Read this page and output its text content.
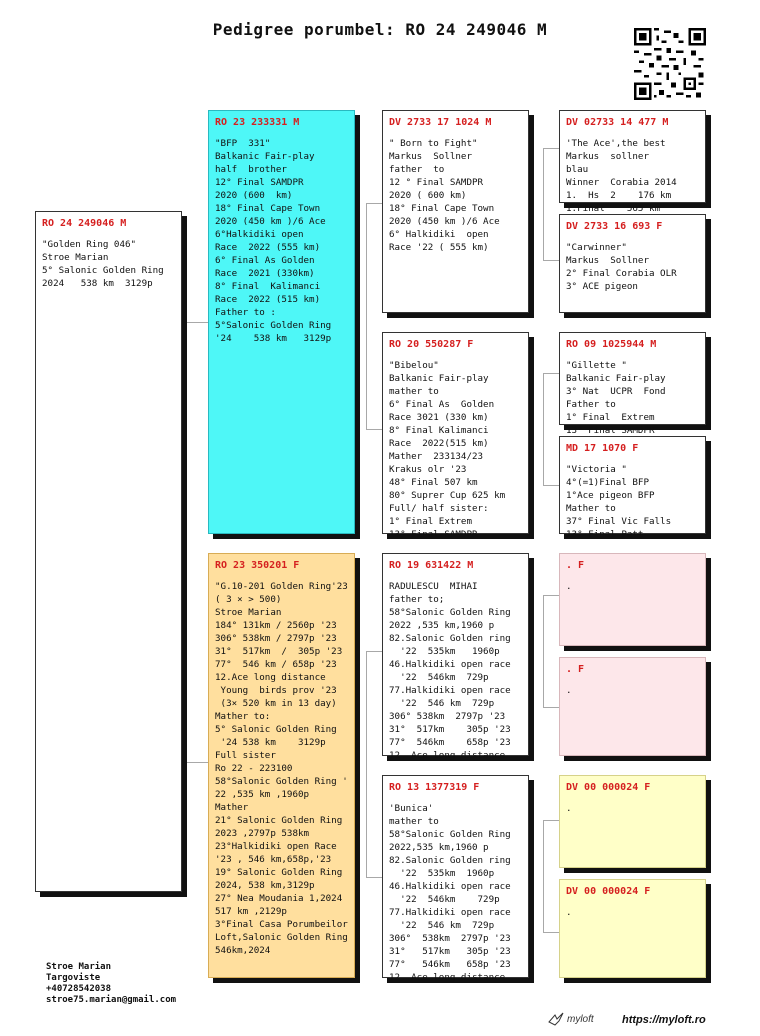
Pedigree porumbel: RO 24 249046 M
RO 24 249046 M
"Golden Ring 046"
Stroe Marian
5° Salonic Golden Ring
2024   538 km  3129p
RO 23 233331 M
"BFP  331"
Balkanic Fair-play
half  brother
12° Final SAMDPR
2020 (600  km)
18° Final Cape Town
2020 (450 km )/6 Ace
6°Halkidiki open
Race  2022 (555 km)
6° Final As Golden
Race  2021 (330km)
8° Final  Kalimanci
Race  2022 (515 km)
Father to :
5°Salonic Golden Ring
'24    538 km   3129p
RO 23 350201 F
"G.10-201 Golden Ring'23
( 3 × > 500)
Stroe Marian
184° 131km / 2560p '23
306° 538km / 2797p '23
31°  517km  /  305p '23
77°  546 km / 658p '23
12.Ace long distance
Young  birds prov '23
(3× 520 km in 13 day)
Mather to:
5° Salonic Golden Ring
'24 538 km    3129p
Full sister
Ro 22 - 223100
58°Salonic Golden Ring '
22 ,535 km ,1960p
Mather
21° Salonic Golden Ring
2023 ,2797p 538km
23°Halkidiki open Race
'23 , 546 km,658p,'23
19° Salonic Golden Ring
2024, 538 km,3129p
27° Nea Moudania 1,2024
517 km ,2129p
3°Final Casa Porumbeilor
Loft,Salonic Golden Ring
546km,2024
DV 2733 17 1024 M
" Born to Fight"
Markus  Sollner
father  to
12 ° Final SAMDPR
2020 ( 600 km)
18° Final Cape Town
2020 (450 km )/6 Ace
6° Halkidiki  open
Race '22 ( 555 km)
RO 20 550287 F
"Bibelou"
Balkanic Fair-play
mather to
6° Final As  Golden
Race 3021 (330 km)
8° Final Kalimanci
Race  2022(515 km)
Mather  233134/23
Krakus olr '23
48° Final 507 km
80° Suprer Cup 625 km
Full/ half sister:
1° Final Extrem
13° Final SAMDPR
RO 19 631422 M
RADULESCU  MIHAI
father to;
58°Salonic Golden Ring
2022 ,535 km,1960 p
82.Salonic Golden ring
'22  535km   1960p
46.Halkidiki open race
'22  546km  729p
77.Halkidiki open race
'22  546 km  729p
306° 538km  2797p '23
31°  517km    305p '23
77°  546km    658p '23
12. Ace long distance
RO 13 1377319 F
'Bunica'
mather to
58°Salonic Golden Ring
2022,535 km,1960 p
82.Salonic Golden ring
'22  535km  1960p
46.Halkidiki open race
'22  546km    729p
77.Halkidiki open race
'22  546 km  729p
306°  538km  2797p '23
31°   517km   305p '23
77°   546km   658p '23
12. Ace long distance
DV 02733 14 477 M
'The Ace',the best
Markus  sollner
blau
Winner  Corabia 2014
1.  Hs  2    176 km
1.Final    565 km
DV 2733 16 693 F
"Carwinner"
Markus  Sollner
2° Final Corabia OLR
3° ACE pigeon
RO 09 1025944 M
"Gillette "
Balkanic Fair-play
3° Nat  UCPR  Fond
Father to
1° Final  Extrem
13° Final SAMDPR
MD 17 1070 F
"Victoria "
4°(=1)Final BFP
1°Ace pigeon BFP
Mather to
37° Final Vic Falls
13° Final Patt
. F
.
. F
.
DV 00 000024 F
.
DV 00 000024 F
.
Stroe Marian
Targoviste
+40728542038
stroe75.marian@gmail.com
myloft	https://myloft.ro
